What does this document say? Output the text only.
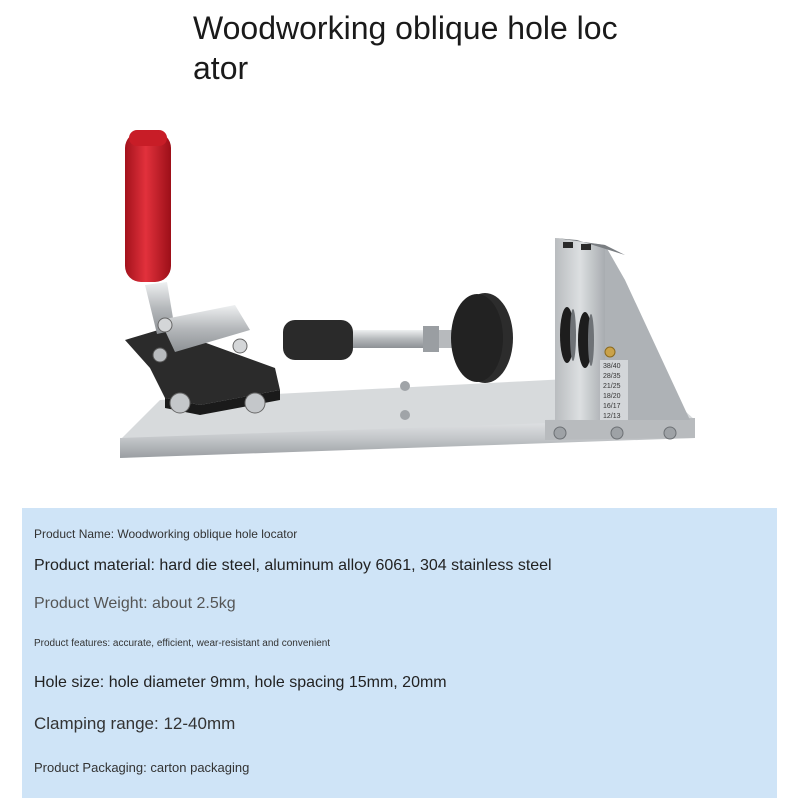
Woodworking oblique hole locator
12/13
16/17
18/20
21/25
28/35
38/40

Product Name: Woodworking oblique hole locator

Product material: hard die steel, aluminum alloy 6061, 304 stainless steel

Product Weight: about 2.5kg

Product features: accurate, efficient, wear-resistant and convenient

Hole size: hole diameter 9mm, hole spacing 15mm, 20mm

Clamping range: 12-40mm

Product Packaging: carton packaging
